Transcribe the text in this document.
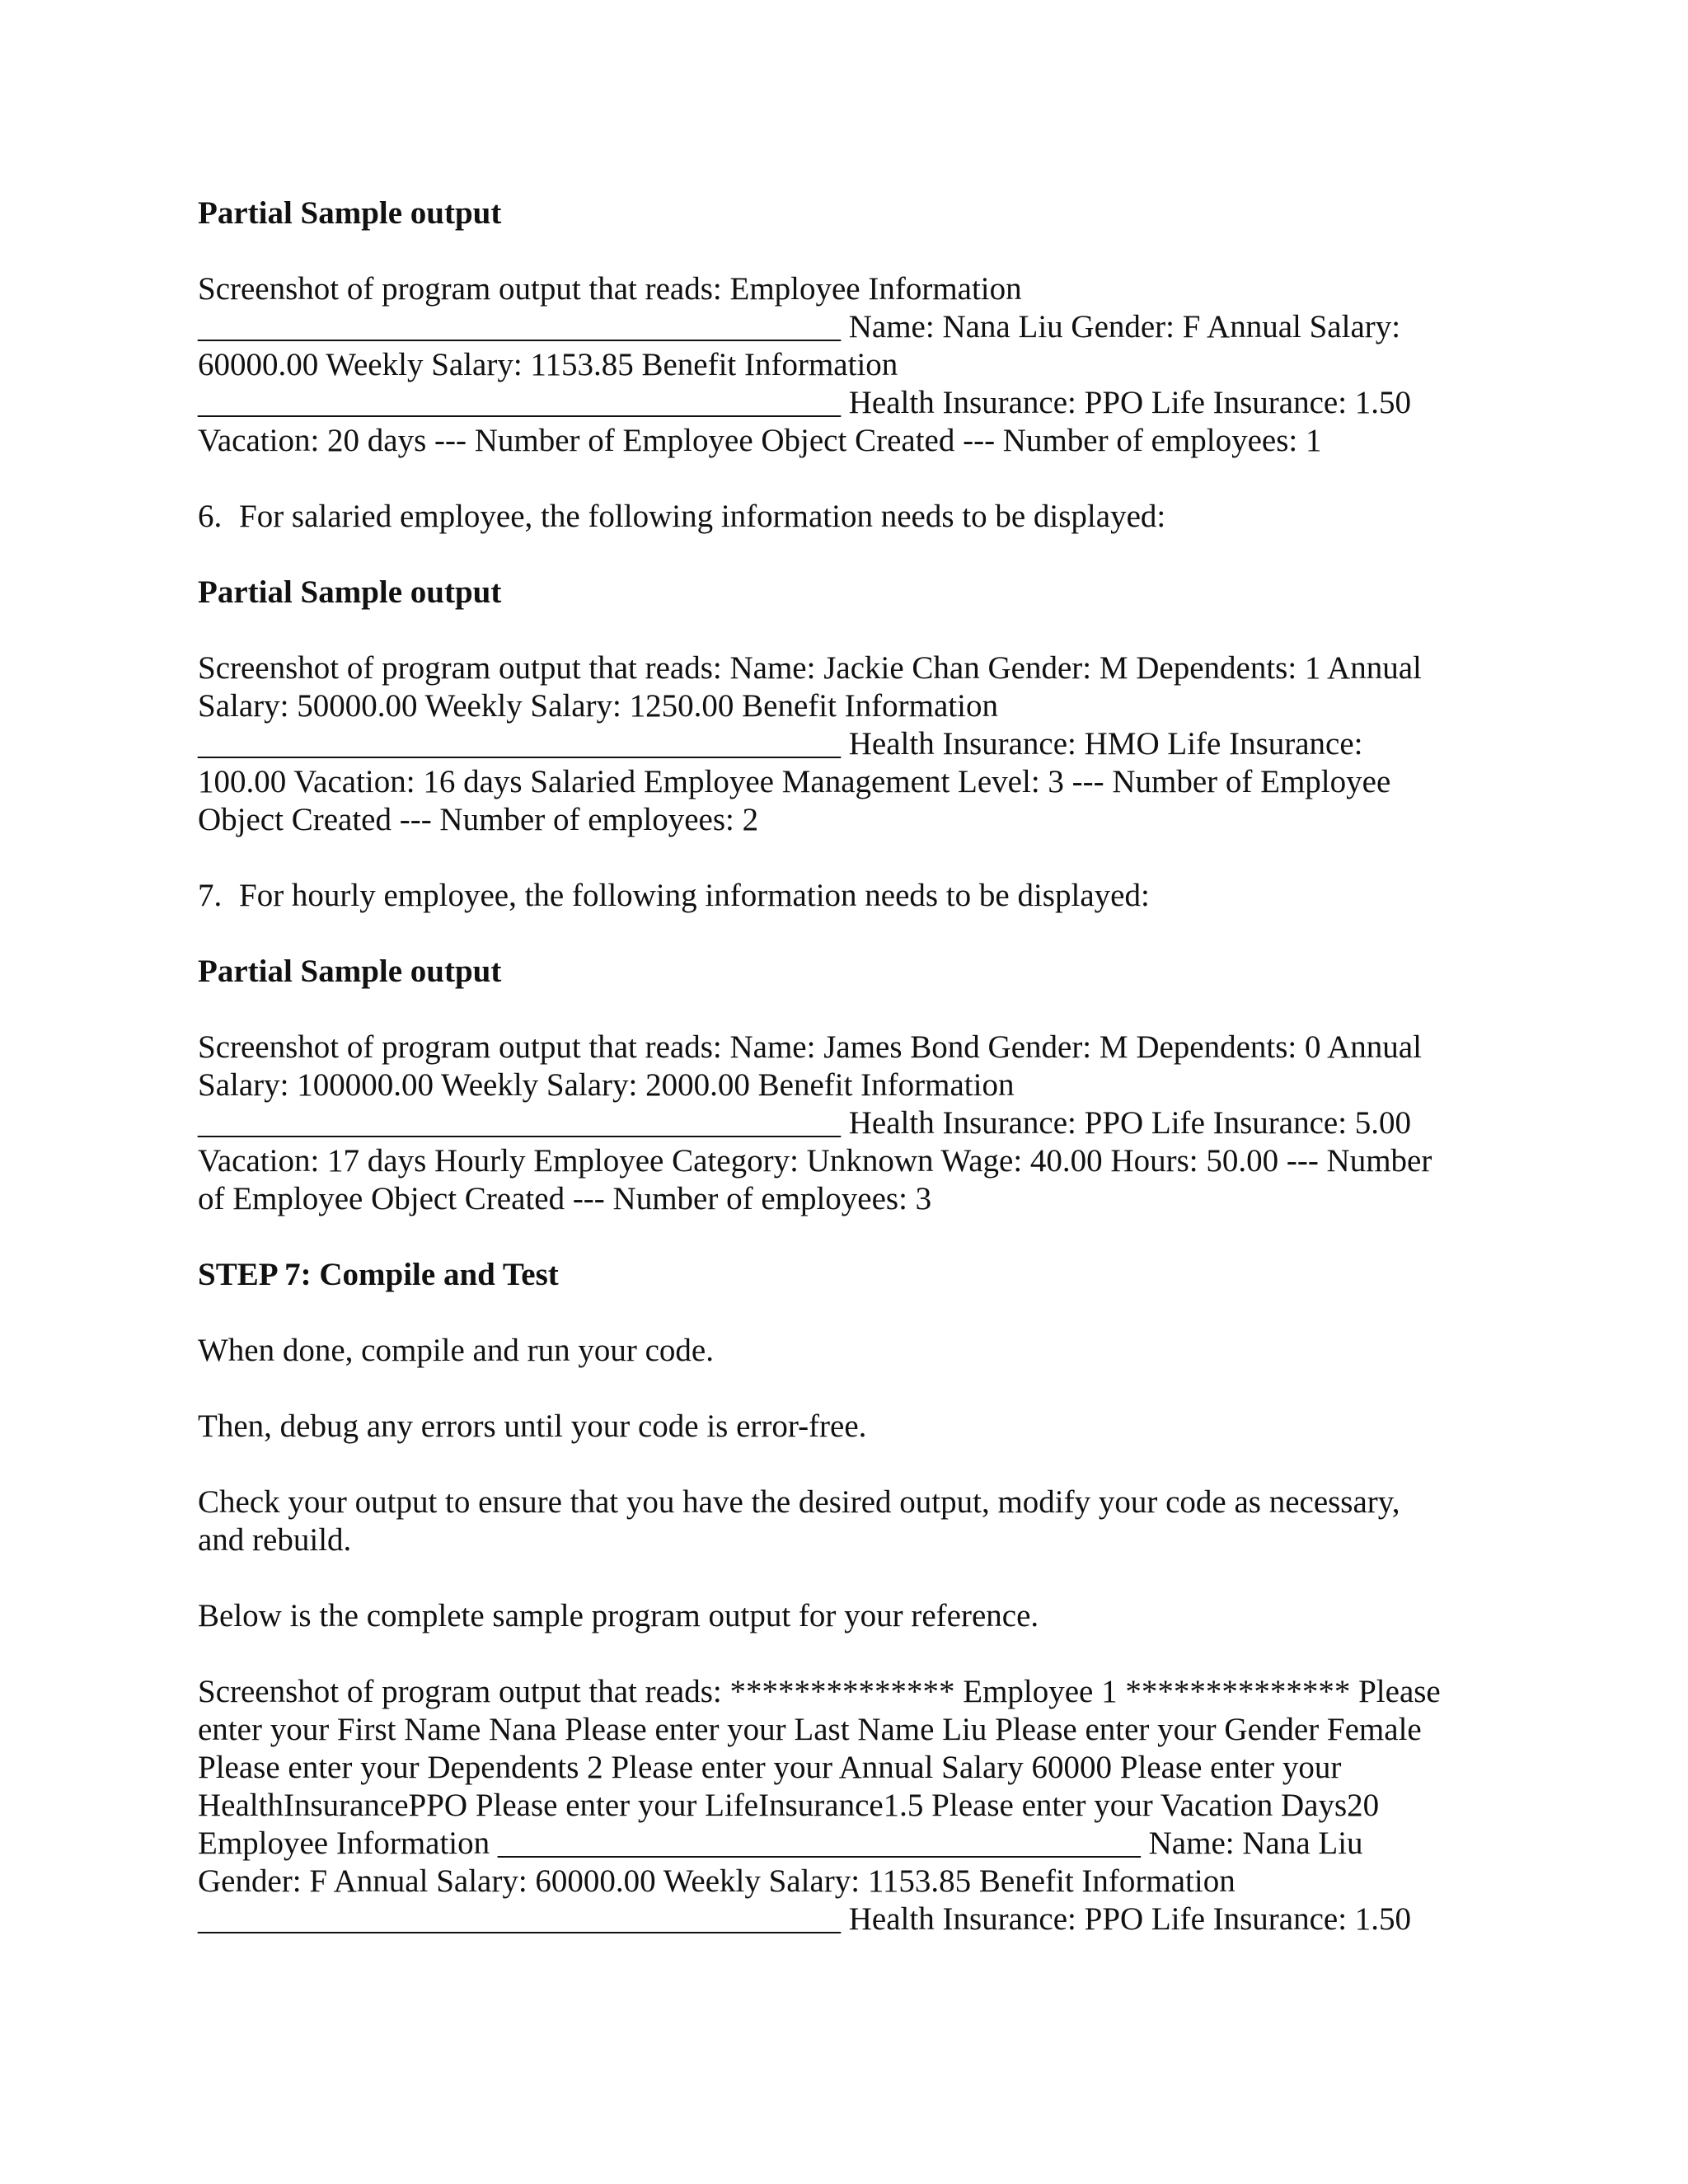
Partial Sample output
Screenshot of program output that reads: Employee Information
________________________________________ Name: Nana Liu Gender: F Annual Salary:
60000.00 Weekly Salary: 1153.85 Benefit Information
________________________________________ Health Insurance: PPO Life Insurance: 1.50
Vacation: 20 days --- Number of Employee Object Created --- Number of employees: 1
6. For salaried employee, the following information needs to be displayed:
Partial Sample output
Screenshot of program output that reads: Name: Jackie Chan Gender: M Dependents: 1 Annual
Salary: 50000.00 Weekly Salary: 1250.00 Benefit Information
________________________________________ Health Insurance: HMO Life Insurance:
100.00 Vacation: 16 days Salaried Employee Management Level: 3 --- Number of Employee
Object Created --- Number of employees: 2
7. For hourly employee, the following information needs to be displayed:
Partial Sample output
Screenshot of program output that reads: Name: James Bond Gender: M Dependents: 0 Annual
Salary: 100000.00 Weekly Salary: 2000.00 Benefit Information
________________________________________ Health Insurance: PPO Life Insurance: 5.00
Vacation: 17 days Hourly Employee Category: Unknown Wage: 40.00 Hours: 50.00 --- Number
of Employee Object Created --- Number of employees: 3
STEP 7: Compile and Test
When done, compile and run your code.
Then, debug any errors until your code is error-free.
Check your output to ensure that you have the desired output, modify your code as necessary,
and rebuild.
Below is the complete sample program output for your reference.
Screenshot of program output that reads: ************** Employee 1 ************** Please
enter your First Name Nana Please enter your Last Name Liu Please enter your Gender Female
Please enter your Dependents 2 Please enter your Annual Salary 60000 Please enter your
HealthInsurancePPO Please enter your LifeInsurance1.5 Please enter your Vacation Days20
Employee Information ________________________________________ Name: Nana Liu
Gender: F Annual Salary: 60000.00 Weekly Salary: 1153.85 Benefit Information
________________________________________ Health Insurance: PPO Life Insurance: 1.50
